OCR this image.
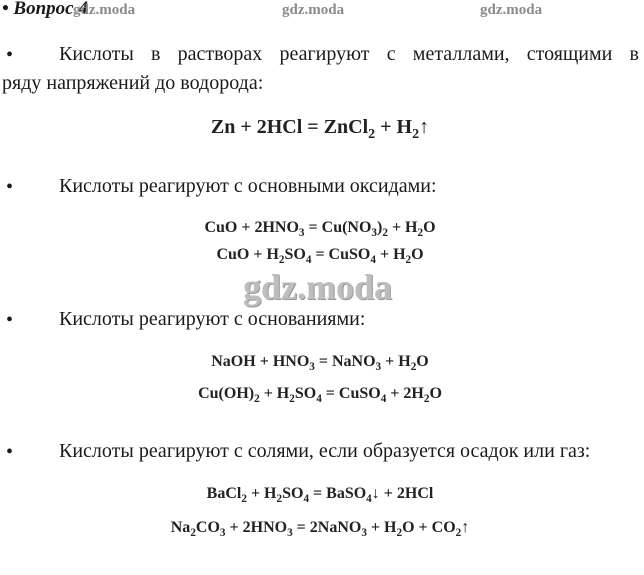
• Вопрос 4
gdz.moda	gdz.moda	gdz.moda
• Кислоты в растворах реагируют с металлами, стоящими в
ряду напряжений до водорода:
Zn + 2HCl = ZnCl$_2$ + $H_2↑$
• Кислоты реагируют с основными оксидами:
CuO + $2HNO_3 = Cu(NO_3)_2 + H_2O$
CuO + $H_2SO_4$ = CuSO$_4$ + $H_2O$
gdz.moda
• Кислоты реагируют с основаниями:
NaOH + $HNO_3$ = NaNO$_3$ + $H_2O$
$Cu(OH)_2 + H_2SO_4$ = CuSO$_4$ + $2H_2O$
• Кислоты реагируют с солями, если образуется осадок или газ:
BaCl$_2$ + $H_2SO_4$ = BaSO$_4$↓ + 2HCl
$Na_2CO_3 + 2HNO_3$ = 2NaNO$_3$ + $H_2O$ + $CO_2↑$
